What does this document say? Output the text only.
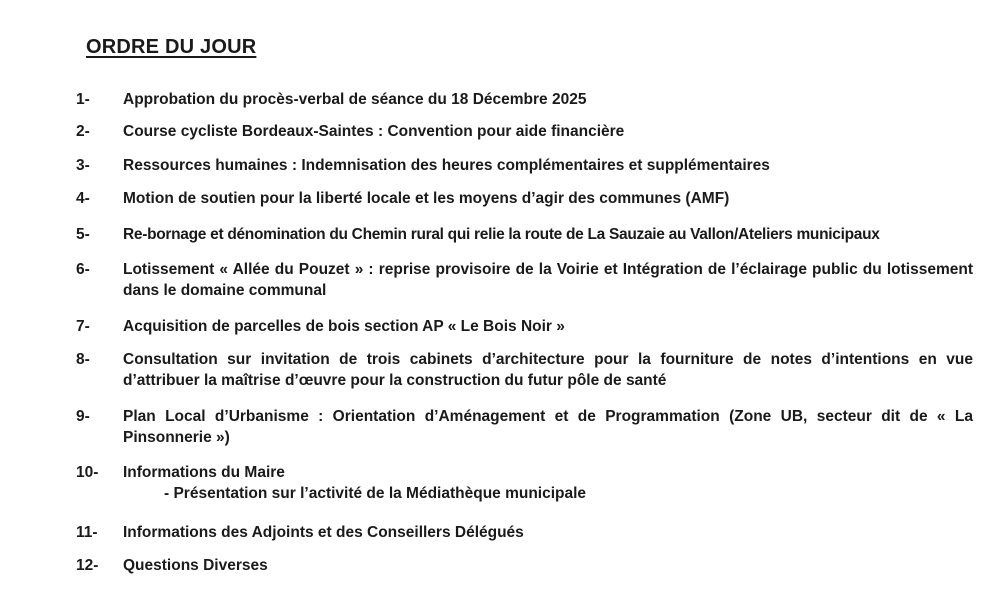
ORDRE DU JOUR
1- Approbation du procès-verbal de séance du 18 Décembre 2025
2- Course cycliste Bordeaux-Saintes : Convention pour aide financière
3- Ressources humaines : Indemnisation des heures complémentaires et supplémentaires
4- Motion de soutien pour la liberté locale et les moyens d’agir des communes (AMF)
5- Re-bornage et dénomination du Chemin rural qui relie la route de La Sauzaie au Vallon/Ateliers municipaux
6- Lotissement « Allée du Pouzet » : reprise provisoire de la Voirie et Intégration de l’éclairage public du lotissement dans le domaine communal
7- Acquisition de parcelles de bois section AP « Le Bois Noir »
8- Consultation sur invitation de trois cabinets d’architecture pour la fourniture de notes d’intentions en vue d’attribuer la maîtrise d’œuvre pour la construction du futur pôle de santé
9- Plan Local d’Urbanisme : Orientation d’Aménagement et de Programmation (Zone UB, secteur dit de « La Pinsonnerie »)
10- Informations du Maire
- Présentation sur l’activité de la Médiathèque municipale
11- Informations des Adjoints et des Conseillers Délégués
12- Questions Diverses
